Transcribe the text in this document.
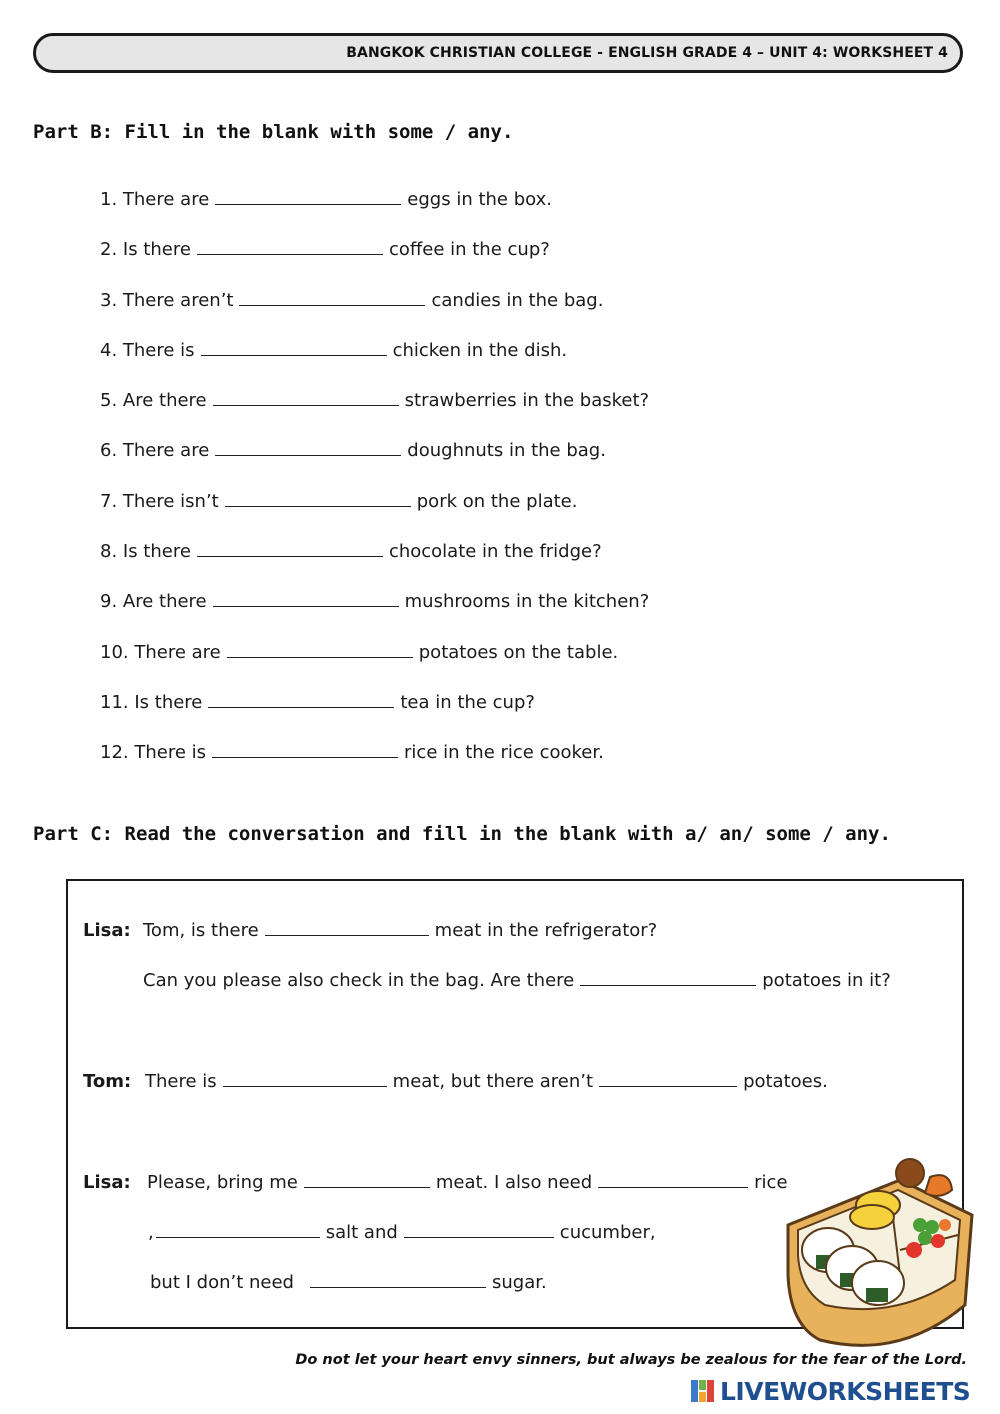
BANGKOK CHRISTIAN COLLEGE - ENGLISH GRADE 4 – UNIT 4: WORKSHEET 4
Part B: Fill in the blank with some / any.
1. There are	eggs in the box.
2. Is there	coffee in the cup?
3. There aren’t	candies in the bag.
4. There is	chicken in the dish.
5. Are there	strawberries in the basket?
6. There are	doughnuts in the bag.
7. There isn’t	pork on the plate.
8. Is there	chocolate in the fridge?
9. Are there	mushrooms in the kitchen?
10. There are	potatoes on the table.
11. Is there	tea in the cup?
12. There is	rice in the rice cooker.
Part C: Read the conversation and fill in the blank with a/ an/ some / any.
Lisa: Tom, is there	meat in the refrigerator?
Can you please also check in the bag. Are there	potatoes in it?
Tom: There is	meat, but there aren’t	potatoes.
Lisa: Please, bring me	meat. I also need	rice
,	salt and	cucumber,
but I don’t need	sugar.
Do not let your heart envy sinners, but always be zealous for the fear of the Lord.
LIVEWORKSHEETS
